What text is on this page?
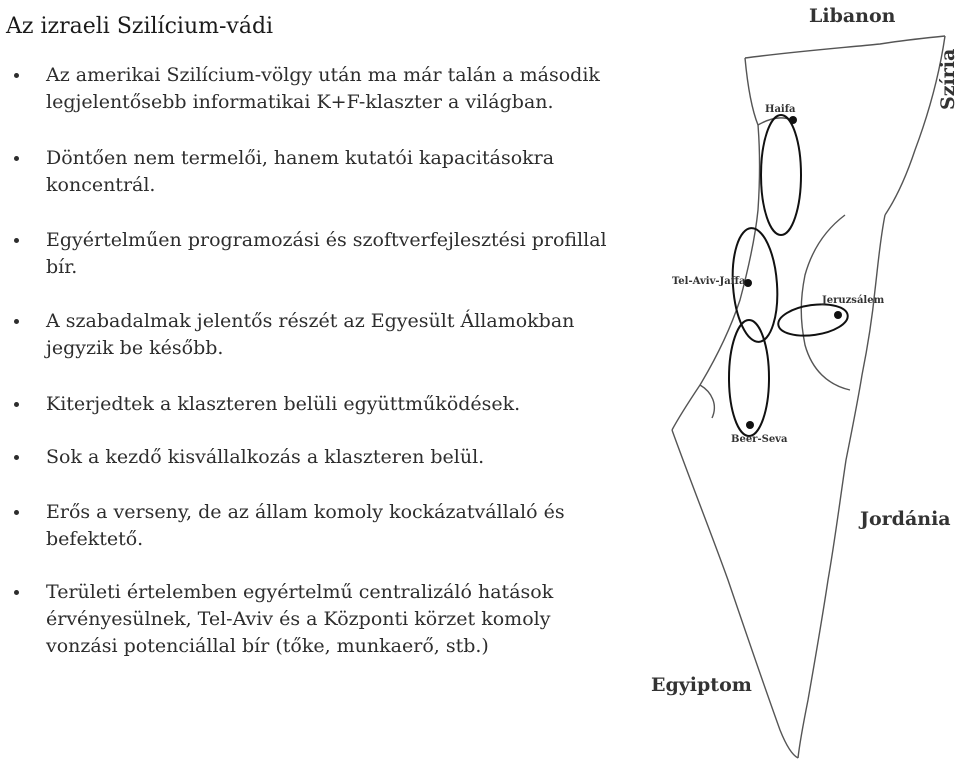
Az izraeli Szilícium-vádi
Az amerikai Szilícium-völgy után ma már talán a második legjelentősebb informatikai K+F-klaszter a világban.
Döntően nem termelői, hanem kutatói kapacitásokra koncentrál.
Egyértelműen programozási és szoftverfejlesztési profillal bír.
A szabadalmak jelentős részét az Egyesült Államokban jegyzik be később.
Kiterjedtek a klaszteren belüli együttműködések.
Sok a kezdő kisvállalkozás a klaszteren belül.
Erős a verseny, de az állam komoly kockázatvállaló és befektető.
Területi értelemben egyértelmű centralizáló hatások érvényesülnek, Tel-Aviv és a Központi körzet komoly vonzási potenciállal bír (tőke, munkaerő, stb.)
Haifa
Tel-Aviv-Jaffa
Jeruzsálem
Beer-Seva
Libanon
Szíria
Jordánia
Egyiptom
